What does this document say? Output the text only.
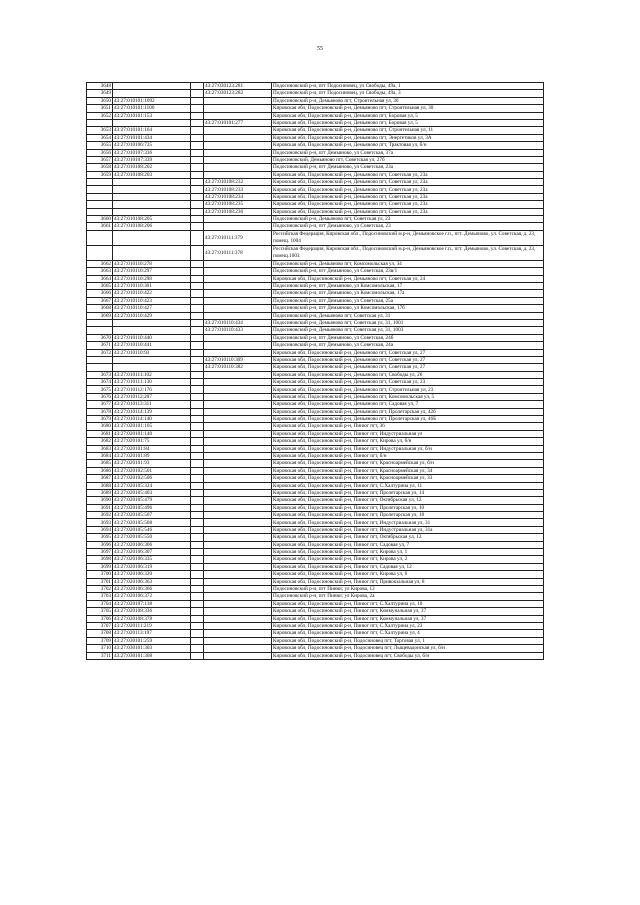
55
3648			43:27:030123:281	Подосиновский р-н, пгт Подосиновец, ул Свободы, 49а, 1
3649			43:27:030123:282	Подосиновский р-н, пгт Подосиновец, ул Свободы, 49а, 3
3650	43:27:010101:1092			Подосиновский р-н, Демьяново пгт, Строительная ул, 30
3651	43:27:010101:1100			Кировская обл, Подосиновский р-н, Демьяново пгт, Строительная ул, 30
3652	43:27:010101:153			Кировская обл, Подосиновский р-н, Демьяново пгт, Боровая ул, 5
			43:27:010101:277	Кировская обл, Подосиновский р-н, Демьяново пгт, Боровая ул, 5
3653	43:27:010101:164			Кировская обл, Подосиновский р-н, Демьяново пгт, Строительная ул, 11
3654	43:27:010101:434			Кировская обл, Подосиновский р-н, Демьяново пгт, Энергетиков ул, 3А
3655	43:27:010106:735			Кировская обл, Подосиновский р-н, Демьяново пгт, Трактовая ул, б/н
3656	43:27:010107:336			Подосиновский р-н, пгт Демьяново, ул Советская, 37а
3657	43:27:010107:339			Подосиновский, Демьяново пгт, Советская ул, 27б
3658	43:27:010108:202			Подосиновский р-н, пгт Демьяново, ул Советская, 23а
3659	43:27:010108:203			Кировская обл, Подосиновский р-н, Демьяново пгт, Советская ул, 23а
			43:27:010108:232	Кировская обл, Подосиновский р-н, Демьяново пгт, Советская ул, 23а
			43:27:010108:233	Кировская обл, Подосиновский р-н, Демьяново пгт, Советская ул, 23а
			43:27:010108:234	Кировская обл, Подосиновский р-н, Демьяново пгт, Советская ул, 23а
			43:27:010108:235	Кировская обл, Подосиновский р-н, Демьяново пгт, Советская ул, 23а
			43:27:010108:236	Кировская обл, Подосиновский р-н, Демьяново пгт, Советская ул, 23а
3660	43:27:010108:205			Подосиновский р-н, Демьяново пгт, Советская ул, 23
3661	43:27:010108:206			Подосиновский р-н, пгт Демьяново, ул Советская, 23
			43:27:010111:379	Российская Федерация, Кировская обл., Подосиновский м.р-н, Демьяновское г.п., пгт. Демьяново, ул. Советская, д. 23, помещ. 1004
			43:27:010111:378	Российская Федерация, Кировская обл., Подосиновский м.р-н, Демьяновское г.п., пгт. Демьяново, ул. Советская, д. 23, помещ.1003
3662	43:27:010110:278			Подосиновский р-н, Демьяново пгт, Комсомольская ул, 34
3663	43:27:010110:297			Подосиновский р-н, пгт Демьяново, ул Советская, 23в/1
3664	43:27:010110:298			Кировская обл, Подосиновский р-н, Демьяново пгт, Советская ул, 24
3665	43:27:010110:301			Подосиновский р-н, пгт Демьяново, ул Комсомольская, 17
3666	43:27:010110:422			Подосиновский р-н, пгт Демьяново, ул Комсомольская, 17а
3667	43:27:010110:423			Подосиновский р-н, пгт Демьяново, ул Советская, 25а
3668	43:27:010110:427			Подосиновский р-н, пгт Демьяново, ул Комсомольская, 17б
3669	43:27:010110:429			Подосиновский р-н, Демьяново пгт, Советская ул, 31
			43:27:010110:434	Подосиновский р-н, Демьяново пгт, Советская ул, 31, 1001
			43:27:010110:433	Подосиновский р-н, Демьяново пгт, Советская ул, 31, 1003
3670	43:27:010110:440			Подосиновский р-н, пгт Демьяново, ул Советская, 24б
3671	43:27:010110:441			Подосиновский р-н, пгт Демьяново, ул Советская, 24а
3672	43:27:010110:93			Кировская обл, Подосиновский р-н, Демьяново пгт, Советская ул, 27
			43:27:010110:309	Кировская обл, Подосиновский р-н, Демьяново пгт, Советская ул, 27
			43:27:010110:382	Кировская обл, Подосиновский р-н, Демьяново пгт, Советская ул, 27
3673	43:27:010111:102			Кировская обл, Подосиновский р-н, Демьяново пгт, Свободы ул, 26
3674	43:27:010111:130			Кировская обл, Подосиновский р-н, Демьяново пгт, Советская ул, 23
3675	43:27:010112:176			Кировская обл, Подосиновский р-н, Демьяново пгт, Строительная ул, 23
3676	43:27:010112:207			Кировская обл, Подосиновский р-н, Демьяново пгт, Комсомольская ул, 5
3677	43:27:010113:311			Кировская обл, Подосиновский р-н, Демьяново пгт, Садовая ул, 7
3678	43:27:010114:139			Кировская обл, Подосиновский р-н, Демьяново пгт, Пролетарская ул, 42б
3679	43:27:010114:140			Кировская обл, Подосиновский р-н, Демьяново пгт, Пролетарская ул, 46Б
3680	43:27:020101:105			Кировская обл, Подосиновский р-н, Пинюг пгт, 36
3681	43:27:020101:140			Кировская обл, Подосиновский р-н, Пинюг пгт, Индустриальная ул
3682	43:27:020101:75			Кировская обл, Подосиновский р-н, Пинюг пгт, Кирова ул, б/н
3683	43:27:020101:84			Кировская обл, Подосиновский р-н, Пинюг пгт, Индустриальная ул, б/н
3684	43:27:020101:89			Кировская обл, Подосиновский р-н, Пинюг пгт, б/н
3685	43:27:020101:93			Кировская обл, Подосиновский р-н, Пинюг пгт, Красноармейская ул, б/н
3686	43:27:020102:501			Кировская обл, Подосиновский р-н, Пинюг пгт, Красноармейская ул, 34
3687	43:27:020102:506			Кировская обл, Подосиновский р-н, Пинюг пгт, Красноармейская ул, 33
3688	43:27:020105:324			Кировская обл, Подосиновский р-н, Пинюг пгт, С.Халтурина ул, 11
3689	43:27:020105:403			Кировская обл, Подосиновский р-н, Пинюг пгт, Пролетарская ул, 14
3690	43:27:020105:479			Кировская обл, Подосиновский р-н, Пинюг пгт, Октябрьская ул, 12
3691	43:27:020105:496			Кировская обл, Подосиновский р-н, Пинюг пгт, Пролетарская ул, 10
3692	43:27:020105:507			Кировская обл, Подосиновский р-н, Пинюг пгт, Пролетарская ул, 18
3693	43:27:020105:508			Кировская обл, Подосиновский р-н, Пинюг пгт, Индустриальная ул, 31
3694	43:27:020105:546			Кировская обл, Подосиновский р-н, Пинюг пгт, Индустриальная ул, 31а
3695	43:27:020105:550			Кировская обл, Подосиновский р-н, Пинюг пгт, Октябрьская ул, 12
3696	43:27:020106:306			Кировская обл, Подосиновский р-н, Пинюг пгт, Садовая ул, 7
3697	43:27:020106:307			Кировская обл, Подосиновский р-н, Пинюг пгт, Кирова ул, 1
3698	43:27:020106:335			Кировская обл, Подосиновский р-н, Пинюг пгт, Кирова ул, 2
3699	43:27:020106:319			Кировская обл, Подосиновский р-н, Пинюг пгт, Садовая ул, 12
3700	43:27:020106:320			Кировская обл, Подосиновский р-н, Пинюг пгт, Кирова ул, 6
3701	43:27:020106:363			Кировская обл, Подосиновский р-н, Пинюг пгт, Привокзальная ул, 8
3702	43:27:020106:366			Подосиновский р-н, пгт Пинюг, ул Кирова, 12
3703	43:27:020106:372			Подосиновский р-н, пгт Пинюг, ул Кирова, 2а
3704	43:27:020107:138			Кировская обл, Подосиновский р-н, Пинюг пгт, С.Халтурина ул, 10
3705	43:27:020108:336			Кировская обл, Подосиновский р-н, Пинюг пгт, Коммунальная ул, 37
3706	43:27:020108:378			Кировская обл, Подосиновский р-н, Пинюг пгт, Коммунальная ул, 37
3707	43:27:020111:219			Кировская обл, Подосиновский р-н, Пинюг пгт, С.Халтурина ул, 23
3708	43:27:020113:197			Кировская обл, Подосиновский р-н, Пинюг пгт, С.Халтурина ул, 4
3709	43:27:030101:259			Кировская обл, Подосиновский р-н, Подосиновец пгт, Торговая ул, 1
3710	43:27:030101:303			Кировская обл, Подосиновский р-н, Подосиновец пгт, Лыщевадонская ул, б/н
3711	43:27:030101:308			Кировская обл, Подосиновский р-н, Подосиновец пгт, Свободы ул, б/н
